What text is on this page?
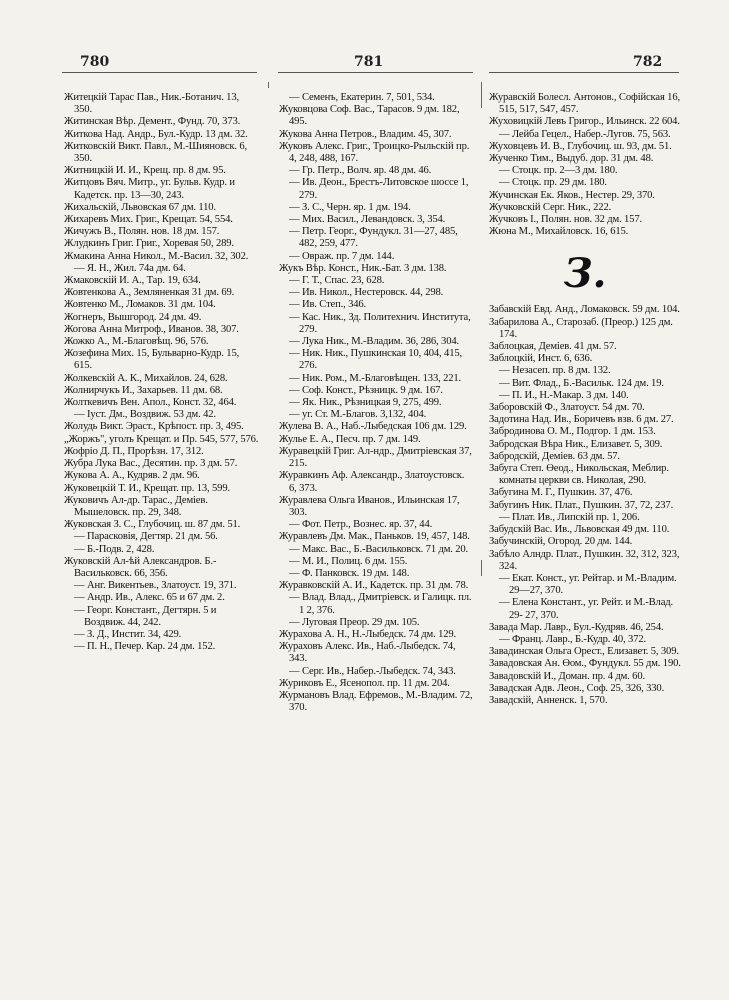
780	781	782

Житецкій Тарас Пав., Ник.-Ботанич. 13, 350.

Житинская Вѣр. Демент., Фунд. 70, 373.

Житкова Над. Андр., Бул.-Кудр. 13 дм. 32.

Житковскій Викт. Павл., М.-Шияновск. 6, 350.

Житницкій И. И., Крещ. пр. 8 дм. 95.

Житцовъ Вяч. Митр., уг. Бульв. Кудр. и Кадетск. пр. 13—30, 243.

Жихальскій, Львовская 67 дм. 110.

Жихаревъ Мих. Григ., Крещат. 54, 554.

Жичужъ В., Полян. нов. 18 дм. 157.

Жлудкинъ Григ. Григ., Хоревая 50, 289.

Жмакина Анна Никол., М.-Васил. 32, 302.

— Я. Н., Жил. 74а дм. 64.

Жмаковскій И. А., Тар. 19, 634.

Жовтенкова А., Земляненкая 31 дм. 69.

Жовтенко М., Ломаков. 31 дм. 104.

Жогнеръ, Вышгород. 24 дм. 49.

Жогова Анна Митроф., Иванов. 38, 307.

Жожко А., М.-Благовѣщ. 96, 576.

Жозефина Мих. 15, Бульварно-Кудр. 15, 615.

Жолкевскій А. К., Михайлов. 24, 628.

Жолнирчукъ И., Захарьев. 11 дм. 68.

Жолткевичъ Вен. Апол., Конст. 32, 464.

— Іуст. Дм., Воздвиж. 53 дм. 42.

Жолудь Викт. Эраст., Крѣпост. пр. 3, 495.

„Жоржъ", уголъ Крещат. и Пр. 545, 577, 576.

Жофріо Д. П., Прорѣзн. 17, 312.

Жубра Лука Вас., Десятин. пр. 3 дм. 57.

Жукова А. А., Кудряв. 2 дм. 96.

Жуковецкій Т. И., Крещат. пр. 13, 599.

Жуковичъ Ал-др. Тарас., Деміев. Мышеловск. пр. 29, 348.

Жуковская З. С., Глубочиц. ш. 87 дм. 51.

— Парасковія, Дегтяр. 21 дм. 56.

— Б.-Подв. 2, 428.

Жуковскій Ал-ѣй Александров. Б.-Васильковск. 66, 356.

— Анг. Викентьев., Златоуст. 19, 371.

— Андр. Ив., Алекс. 65 и 67 дм. 2.

— Георг. Констант., Дегтярн. 5 и Воздвиж. 44, 242.

— З. Д., Инстит. 34, 429.

— П. Н., Печер. Кар. 24 дм. 152.

— Семенъ, Екатерин. 7, 501, 534.

Жуковцова Соф. Вас., Тарасов. 9 дм. 182, 495.

Жукова Анна Петров., Владим. 45, 307.

Жуковъ Алекс. Григ., Троицко-Рыльскій пр. 4, 248, 488, 167.

— Гр. Петр., Волч. яр. 48 дм. 46.

— Ив. Деон., Брестъ-Литовское шоссе 1, 279.

— З. С., Черн. яр. 1 дм. 194.

— Мих. Васил., Левандовск. 3, 354.

— Петр. Георг., Фундукл. 31—27, 485, 482, 259, 477.

— Овраж. пр. 7 дм. 144.

Жукъ Вѣр. Конст., Ник.-Бат. 3 дм. 138.

— Г. Т., Спас. 23, 628.

— Ив. Никол., Нестеровск. 44, 298.

— Ив. Степ., 346.

— Кас. Ник., Зд. Политехнич. Института, 279.

— Лука Ник., М.-Владим. 36, 286, 304.

— Ник. Ник., Пушкинская 10, 404, 415, 276.

— Ник. Ром., М.-Благовѣщен. 133, 221.

— Соф. Конст., Рѣзницк. 9 дм. 167.

— Як. Ник., Рѣзницкая 9, 275, 499.

— уг. Ст. М.-Благов. 3,132, 404.

Жулева В. А., Наб.-Лыбедская 106 дм. 129.

Жулье Е. А., Песч. пр. 7 дм. 149.

Журавецкій Григ. Ал-ндр., Дмитріевская 37, 215.

Журавкинъ Аф. Александр., Златоустовск. 6, 373.

Журавлева Ольга Иванов., Ильинская 17, 303.

— Фот. Петр., Вознес. яр. 37, 44.

Журавлевъ Дм. Мак., Паньков. 19, 457, 148.

— Макс. Вас., Б.-Васильковск. 71 дм. 20.

— М. И., Полиц. 6 дм. 155.

— Ф. Панковск. 19 дм. 148.

Журавковскій А. И., Кадетск. пр. 31 дм. 78.

— Влад. Влад., Дмитріевск. и Галицк. пл. 1 2, 376.

— Луговая Преор. 29 дм. 105.

Журахова А. Н., Н.-Лыбедск. 74 дм. 129.

Жураховъ Алекс. Ив., Наб.-Лыбедск. 74, 343.

— Серг. Ив., Набер.-Лыбедск. 74, 343.

Журиковъ Е., Ясенопол. пр. 11 дм. 204.

Журмановъ Влад. Ефремов., М.-Владим. 72, 370.

Журавскій Болесл. Антонов., Софійская 16, 515, 517, 547, 457.

Жуховицкій Левъ Григор., Ильинск. 22 604.

— Лейба Гецел., Набер.-Лугов. 75, 563.

Жуховцевъ И. В., Глубочиц. ш. 93, дм. 51.

Жученко Тим., Выдуб. дор. 31 дм. 48.

— Стоцк. пр. 2—3 дм. 180.

— Стоцк. пр. 29 дм. 180.

Жучинская Ек. Яков., Нестер. 29, 370.

Жучковскій Серг. Ник., 222.

Жучковъ І., Полян. нов. 32 дм. 157.

Жюна М., Михайловск. 16, 615.

З.

Забавскій Евд. Анд., Ломаковск. 59 дм. 104.

Забарилова А., Старозаб. (Преор.) 125 дм. 174.

Заблоцкая, Деміев. 41 дм. 57.

Заблоцкій, Инст. 6, 636.

— Незасеп. пр. 8 дм. 132.

— Вит. Флад., Б.-Васильк. 124 дм. 19.

— П. И., Н.-Макар. 3 дм. 140.

Заборовскій Ф., Златоуст. 54 дм. 70.

Задотина Над. Ив., Боричевъ взв. 6 дм. 27.

Забродинова О. М., Подгор. 1 дм. 153.

Забродская Вѣра Ник., Елизавет. 5, 309.

Забродскій, Деміев. 63 дм. 57.

Забуга Степ. Өеод., Никольская, Меблир. комнаты церкви св. Николая, 290.

Забугина М. Г., Пушкин. 37, 476.

Забугинъ Ник. Плат., Пушкин. 37, 72, 237.

— Плат. Ив., Липскій пр. 1, 206.

Забудскій Вас. Ив., Львовская 49 дм. 110.

Забучинскій, Огород. 20 дм. 144.

Забѣло Алндр. Плат., Пушкин. 32, 312, 323, 324.

— Екат. Конст., уг. Рейтар. и М.-Владим. 29—27, 370.

— Елена Констант., уг. Рейт. и М.-Влад. 29- 27, 370.

Завада Мар. Лавр., Бул.-Кудряв. 46, 254.

— Франц. Лавр., Б.-Кудр. 40, 372.

Завадинская Ольга Орест., Елизавет. 5, 309.

Завадовская Ан. Өом., Фундукл. 55 дм. 190.

Завадовскій И., Доман. пр. 4 дм. 60.

Завадская Адв. Леон., Соф. 25, 326, 330.

Завадскій, Анненск. 1, 570.
